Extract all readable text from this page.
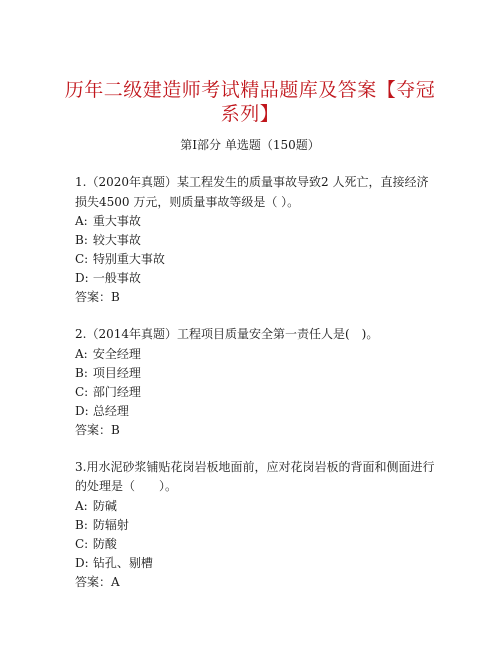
历年二级建造师考试精品题库及答案【夺冠系列】
第Ⅰ部分 单选题（150题）

1.（2020年真题）某工程发生的质量事故导致2 人死亡，直接经济损失4500 万元，则质量事故等级是（ ）。

A: 重大事故

B: 较大事故

C: 特别重大事故

D: 一般事故

答案：B

2.（2014年真题）工程项目质量安全第一责任人是(　)。

A: 安全经理

B: 项目经理

C: 部门经理

D: 总经理

答案：B

3.用水泥砂浆铺贴花岗岩板地面前，应对花岗岩板的背面和侧面进行的处理是（　　）。

A: 防碱

B: 防辐射

C: 防酸

D: 钻孔、剔槽

答案：A
